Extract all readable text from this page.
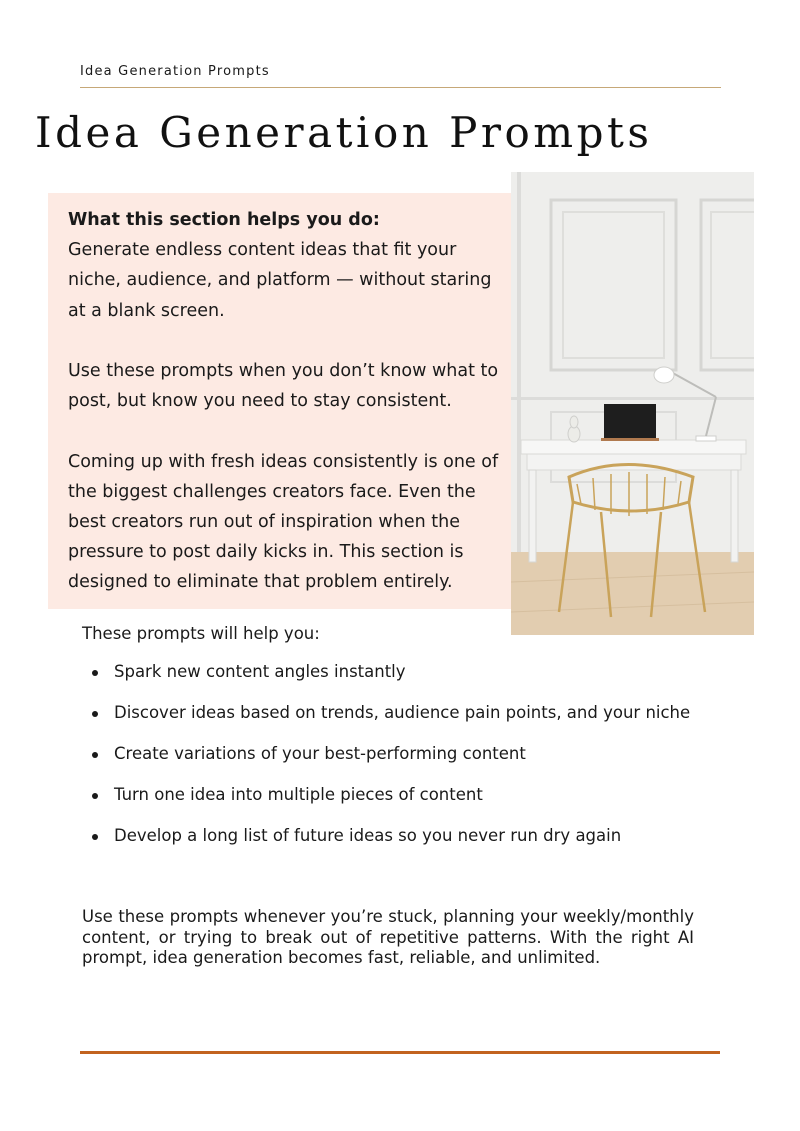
Idea Generation Prompts
Idea Generation Prompts

What this section helps you do:

Generate endless content ideas that fit your niche, audience, and platform — without staring at a blank screen.

Use these prompts when you don’t know what to post, but know you need to stay consistent.

Coming up with fresh ideas consistently is one of the biggest challenges creators face. Even the best creators run out of inspiration when the pressure to post daily kicks in. This section is designed to eliminate that problem entirely.

These prompts will help you:

Spark new content angles instantly
Discover ideas based on trends, audience pain points, and your niche
Create variations of your best-performing content
Turn one idea into multiple pieces of content
Develop a long list of future ideas so you never run dry again

Use these prompts whenever you’re stuck, planning your weekly/monthly content, or trying to break out of repetitive patterns. With the right AI prompt, idea generation becomes fast, reliable, and unlimited.
